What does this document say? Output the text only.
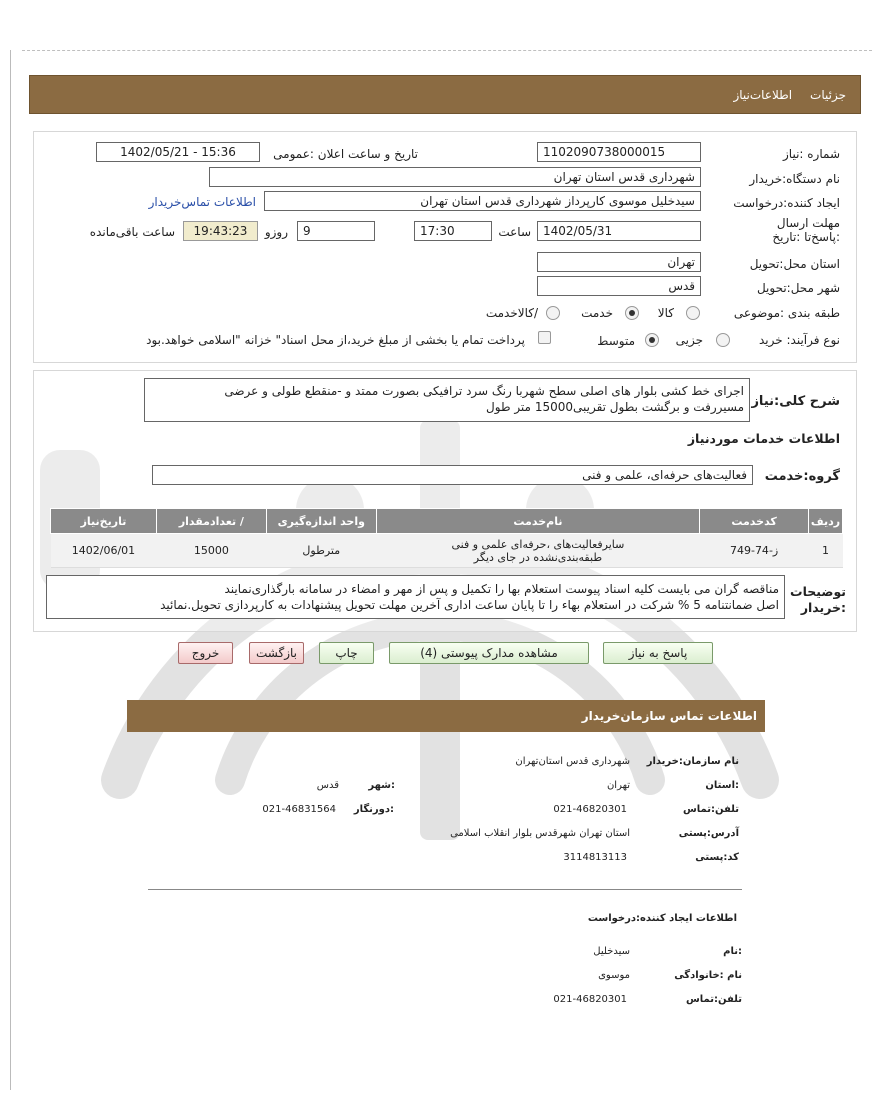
جزئیات
اطلاعات‌نیاز
شماره :نیاز
1102090738000015
تاریخ و ساعت اعلان :عمومی
1402/05/21 - 15:36
نام دستگاه:خریدار
شهرداری قدس استان تهران
ایجاد کننده:درخواست
سیدخلیل موسوی کارپرداز شهرداری قدس استان تهران
اطلاعات تماس‌خریدار
مهلت ارسال :پاسخ‌تا :تاریخ
1402/05/31
ساعت
17:30
9
روزو
19:43:23
ساعت باقی‌مانده
استان محل:تحویل
تهران
شهر محل:تحویل
قدس
طبقه بندی :موضوعی
کالا
خدمت
/کالاخدمت
نوع فرآیند: خرید
جزیی
متوسط
پرداخت تمام یا بخشی از مبلغ خرید،از محل اسناد" خزانه "اسلامی خواهد.بود
شرح کلی:نیاز
اجرای خط کشی بلوار های اصلی سطح شهربا رنگ سرد ترافیکی بصورت ممتد و -منقطع طولی و عرضی
مسیررفت و برگشت بطول تقریبی15000 متر طول
اطلاعات خدمات موردنیاز
گروه:خدمت
فعالیت‌های حرفه‌ای، علمی و فنی
ردیف	کدخدمت	نام‌خدمت	واحد اندازه‌گیری	/ تعدادمقدار	تاریخ‌نیاز
1	ز-74-749	سایرفعالیت‌های ،حرفه‌ای علمی و فنی
طبقه‌بندی‌نشده در جای دیگر	مترطول	15000	1402/06/01
توضیحات
:خریدار
مناقصه گران می بایست کلیه اسناد پیوست استعلام بها را تکمیل و پس از مهر و امضاء در سامانه بارگذاری‌نمایند
اصل ضمانتنامه 5 % شرکت در استعلام بهاء را تا پایان ساعت اداری آخرین مهلت تحویل پیشنهادات به کارپردازی تحویل.نمائید
پاسخ به نیاز
مشاهده مدارک پیوستی (4)
چاپ
بازگشت
خروج
اطلاعات تماس سازمان‌خریدار
نام سازمان:خریدار
شهرداری قدس استان‌تهران
:استان
تهران
:شهر
قدس
تلفن:تماس
021-46820301
:دورنگار
021-46831564
آدرس:پستی
استان تهران شهرقدس بلوار انقلاب اسلامی
کد:پستی
3114813113
اطلاعات ایجاد کننده:درخواست
:نام
سیدخلیل
نام :خانوادگی
موسوی
تلفن:تماس
021-46820301
